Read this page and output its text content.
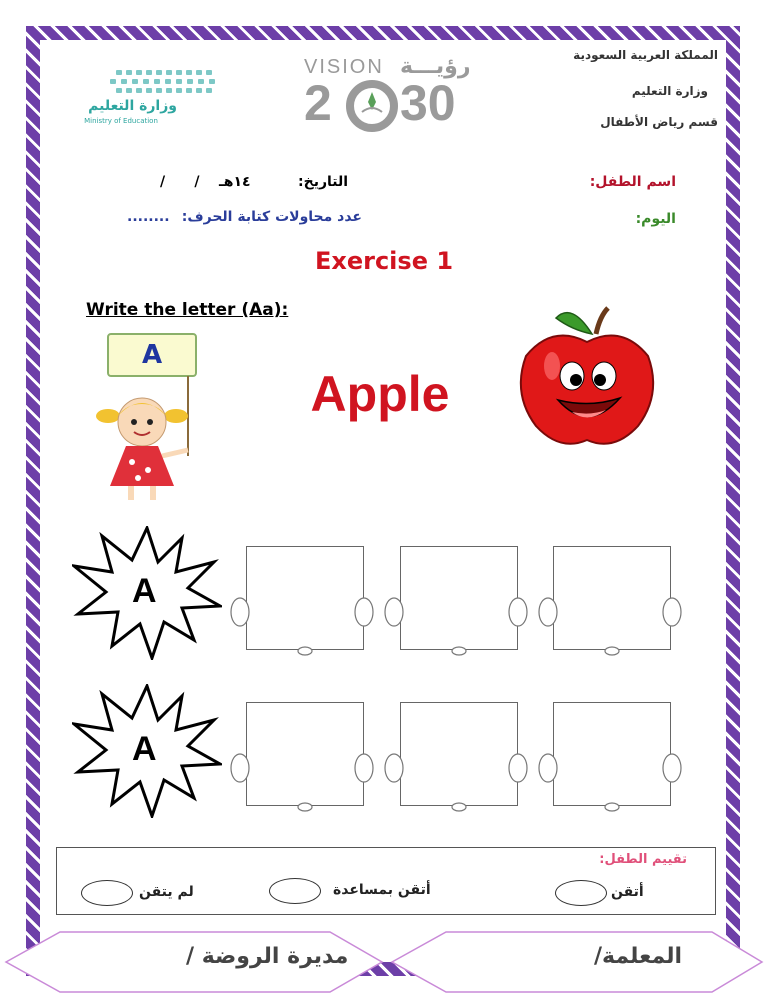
المملكة العربية السعودية
وزارة التعليم
قسم رياض الأطفال
وزارة التعليم
Ministry of Education
VISION رؤيـــة
2 30
اسم الطفل:
اليوم:
التاريخ:
/      /    ١٤هـ
عدد محاولات كتابة الحرف:
........
Exercise 1
Write the letter (Aa):
A
Apple
A
A
تقييم الطفل:
أتقن
أتقن بمساعدة
لم يتقن
مديرة الروضة /	المعلمة/
